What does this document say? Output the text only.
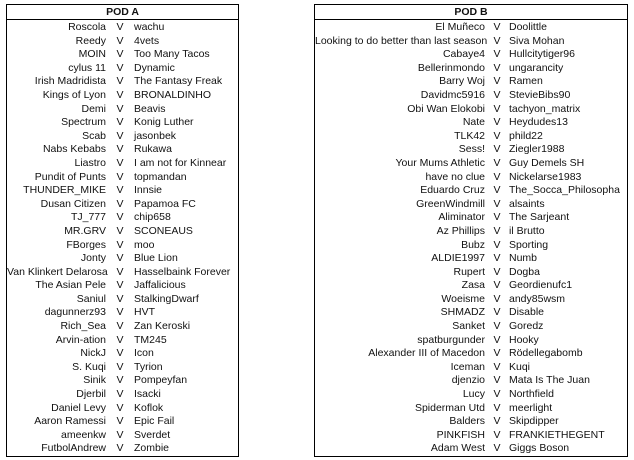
POD A
Roscola V	wachu
Reedy V	4vets
MOIN V	Too Many Tacos
cylus 11 V	Dynamic
Irish Madridista V	The Fantasy Freak
Kings of Lyon V	BRONALDINHO
Demi V	Beavis
Spectrum V	Konig Luther
Scab V	jasonbek
Nabs Kebabs V	Rukawa
Liastro V	I am not for Kinnear
Pundit of Punts V	topmandan
THUNDER_MIKE V	Innsie
Dusan Citizen V	Papamoa FC
TJ_777 V	chip658
MR.GRV V	SCONEAUS
FBorges V	moo
Jonty V	Blue Lion
Van Klinkert Delarosa V	Hasselbaink Forever
The Asian Pele V	Jaffalicious
Saniul V	StalkingDwarf
dagunnerz93 V	HVT
Rich_Sea V	Zan Keroski
Arvin-ation V	TM245
NickJ V	Icon
S. Kuqi V	Tyrion
Sinik V	Pompeyfan
Djerbil V	Isacki
Daniel Levy V	Koflok
Aaron Ramessi V	Epic Fail
ameenkw V	Sverdet
FutbolAndrew V	Zombie
POD B
El Muñeco V Doolittle
Looking to do better than last season V Siva Mohan
Cabaye4 V Hullcitytiger96
Bellerinmondo V ungarancity
Barry Woj V Ramen
Davidmc5916 V StevieBibs90
Obi Wan Elokobi V tachyon_matrix
Nate V Heydudes13
TLK42 V phild22
Sess! V Ziegler1988
Your Mums Athletic V Guy Demels SH
have no clue V Nickelarse1983
Eduardo Cruz V The_Socca_Philosopha
GreenWindmill V alsaints
Aliminator V The Sarjeant
Az Phillips V il Brutto
Bubz V Sporting
ALDIE1997 V Numb
Rupert V Dogba
Zasa V Geordienufc1
Woeisme V andy85wsm
SHMADZ V Disable
Sanket V Goredz
spatburgunder V Hooky
Alexander III of Macedon V Rödellegabomb
Iceman V Kuqi
djenzio V Mata Is The Juan
Lucy V Northfield
Spiderman Utd V meerlight
Balders V Skipdipper
PINKFISH V FRANKIETHEGENT
Adam West V Giggs Boson
